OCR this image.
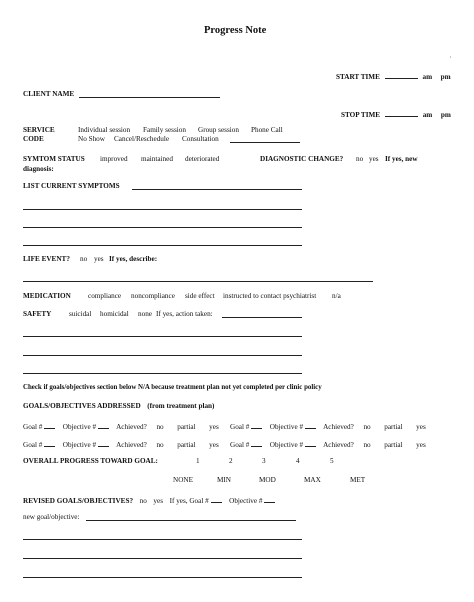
Progress Note
,
START TIME	am pm
CLIENT NAME
STOP TIME	am pm
SERVICE
CODE
Individual session Family session Group session Phone Call
No Show Cancel/Reschedule Consultation
SYMTOM STATUS improved maintained deteriorated	DIAGNOSTIC CHANGE? no yes If yes, new
diagnosis:
LIST CURRENT SYMPTOMS
LIFE EVENT? no yes If yes, describe:
MEDICATION compliance noncompliance side effect instructed to contact psychiatrist n/a
SAFETY suicidal homicidal none If yes, action taken:
Check if goals/objectives section below N/A because treatment plan not yet completed per clinic policy
GOALS/OBJECTIVES ADDRESSED (from treatment plan)
Goal #	Objective #	Achieved? no partial yes Goal #	Objective #	Achieved? no partial yes
Goal #	Objective #	Achieved? no partial yes Goal #	Objective #	Achieved? no partial yes
OVERALL PROGRESS TOWARD GOAL:	1	2	3	4	5
NONE	MIN	MOD	MAX	MET
REVISED GOALS/OBJECTIVES? no yes If yes, Goal #	Objective #
new goal/objective:
